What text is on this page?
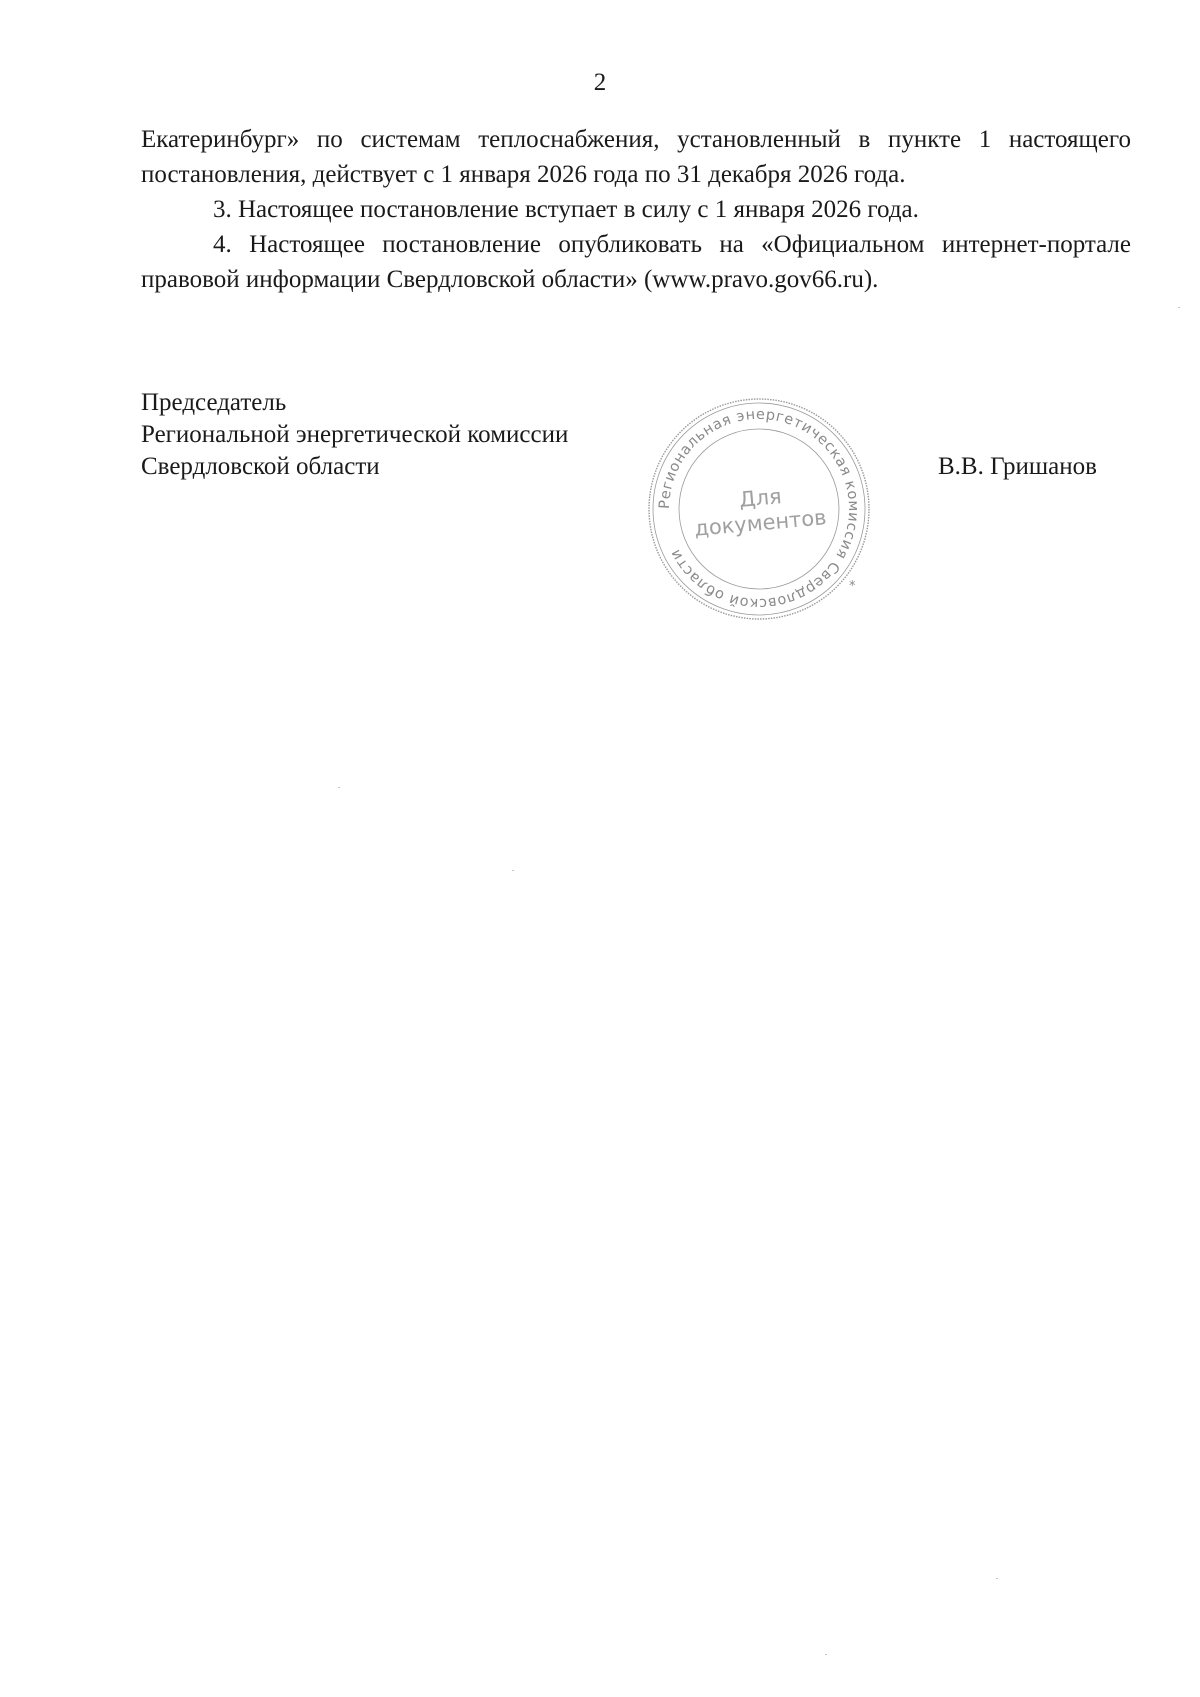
2

Екатеринбург» по системам теплоснабжения, установленный в пункте 1 настоящего постановления, действует с 1 января 2026 года по 31 декабря 2026 года.

3. Настоящее постановление вступает в силу с 1 января 2026 года.

4. Настоящее постановление опубликовать на «Официальном интернет-портале правовой информации Свердловской области» (www.pravo.gov66.ru).

Председатель
Региональной энергетической комиссии
Свердловской области	В.В. Гришанов
Региональная энергетическая комиссия Свердловской области
*
Для
документов
